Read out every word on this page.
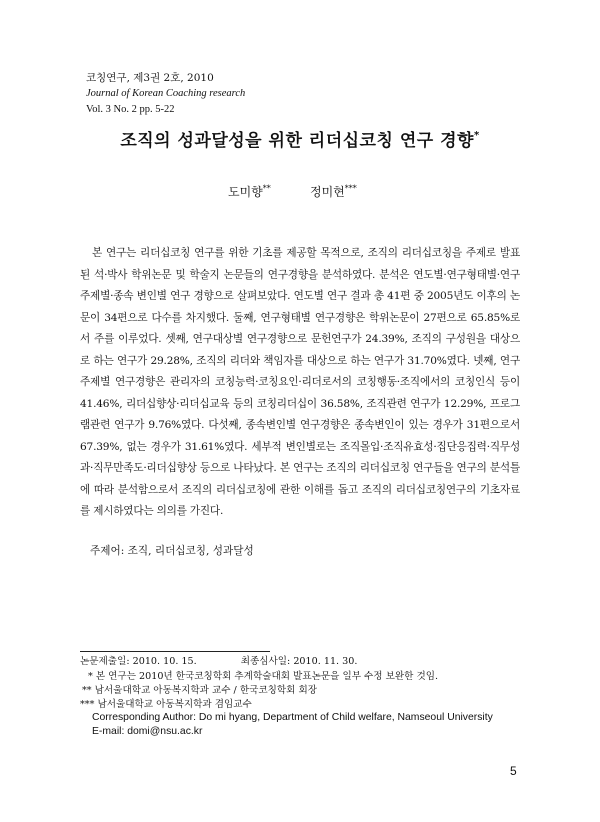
코칭연구, 제3권 2호, 2010
Journal of Korean Coaching research
Vol. 3 No. 2 pp. 5-22
조직의 성과달성을 위한 리더십코칭 연구 경향*
도미향**	정미현***
본 연구는 리더십코칭 연구를 위한 기초를 제공할 목적으로, 조직의 리더십코칭을 주제로 발표된 석·박사 학위논문 및 학술지 논문들의 연구경향을 분석하였다. 분석은 연도별·연구형태별·연구주제별·종속 변인별 연구 경향으로 살펴보았다. 연도별 연구 결과 총 41편 중 2005년도 이후의 논문이 34편으로 다수를 차지했다. 둘째, 연구형태별 연구경향은 학위논문이 27편으로 65.85%로서 주를 이루었다. 셋째, 연구대상별 연구경향으로 문헌연구가 24.39%, 조직의 구성원을 대상으로 하는 연구가 29.28%, 조직의 리더와 책임자를 대상으로 하는 연구가 31.70%였다. 넷째, 연구주제별 연구경향은 관리자의 코칭능력·코칭요인·리더로서의 코칭행동·조직에서의 코칭인식 등이 41.46%, 리더십향상·리더십교육 등의 코칭리더십이 36.58%, 조직관련 연구가 12.29%, 프로그램관련 연구가 9.76%였다. 다섯째, 종속변인별 연구경향은 종속변인이 있는 경우가 31편으로서 67.39%, 없는 경우가 31.61%였다. 세부적 변인별로는 조직몰입·조직유효성·집단응집력·직무성과·직무만족도·리더십향상 등으로 나타났다. 본 연구는 조직의 리더십코칭 연구들을 연구의 분석틀에 따라 분석함으로서 조직의 리더십코칭에 관한 이해를 돕고 조직의 리더십코칭연구의 기초자료를 제시하였다는 의의를 가진다.
주제어: 조직, 리더십코칭, 성과달성
논문제출일: 2010. 10. 15.	최종심사일: 2010. 11. 30.
* 본 연구는 2010년 한국코칭학회 추계학술대회 발표논문을 일부 수정 보완한 것임.
** 남서울대학교 아동복지학과 교수 / 한국코칭학회 회장
*** 남서울대학교 아동복지학과 겸임교수
Corresponding Author: Do mi hyang, Department of Child welfare, Namseoul University
E-mail: domi@nsu.ac.kr
5
